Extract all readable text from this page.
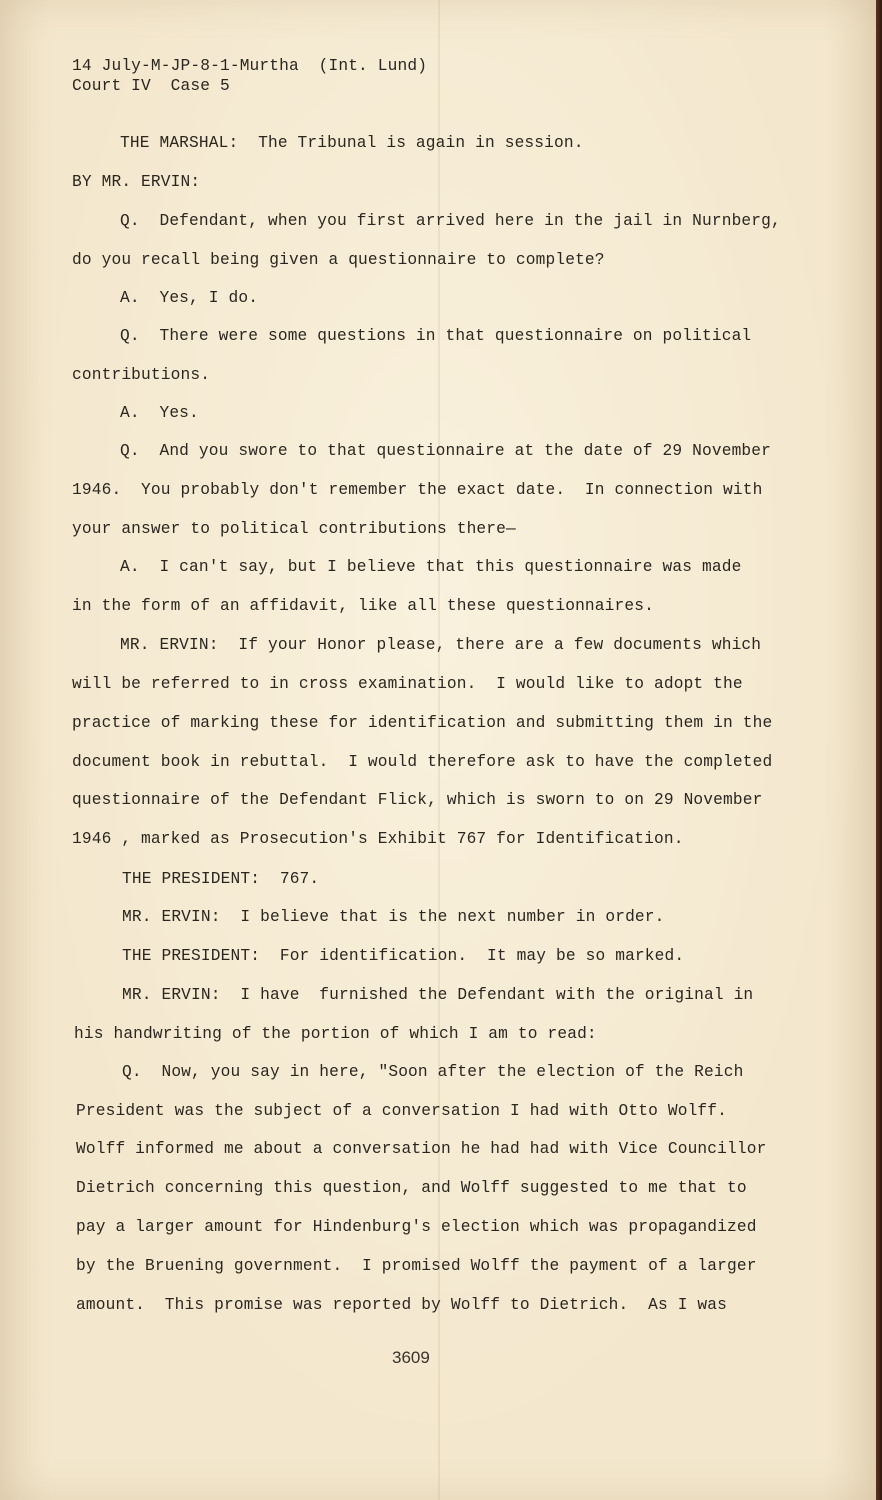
14 July-M-JP-8-1-Murtha  (Int. Lund)
Court IV  Case 5
THE MARSHAL:  The Tribunal is again in session.
BY MR. ERVIN:
Q.  Defendant, when you first arrived here in the jail in Nurnberg,
do you recall being given a questionnaire to complete?
A.  Yes, I do.
Q.  There were some questions in that questionnaire on political
contributions.
A.  Yes.
Q.  And you swore to that questionnaire at the date of 29 November
1946.  You probably don't remember the exact date.  In connection with
your answer to political contributions there—
A.  I can't say, but I believe that this questionnaire was made
in the form of an affidavit, like all these questionnaires.
MR. ERVIN:  If your Honor please, there are a few documents which
will be referred to in cross examination.  I would like to adopt the
practice of marking these for identification and submitting them in the
document book in rebuttal.  I would therefore ask to have the completed
questionnaire of the Defendant Flick, which is sworn to on 29 November
1946 , marked as Prosecution's Exhibit 767 for Identification.
THE PRESIDENT:  767.
MR. ERVIN:  I believe that is the next number in order.
THE PRESIDENT:  For identification.  It may be so marked.
MR. ERVIN:  I have  furnished the Defendant with the original in
his handwriting of the portion of which I am to read:
Q.  Now, you say in here, "Soon after the election of the Reich
President was the subject of a conversation I had with Otto Wolff.
Wolff informed me about a conversation he had had with Vice Councillor
Dietrich concerning this question, and Wolff suggested to me that to
pay a larger amount for Hindenburg's election which was propagandized
by the Bruening government.  I promised Wolff the payment of a larger
amount.  This promise was reported by Wolff to Dietrich.  As I was
3609
